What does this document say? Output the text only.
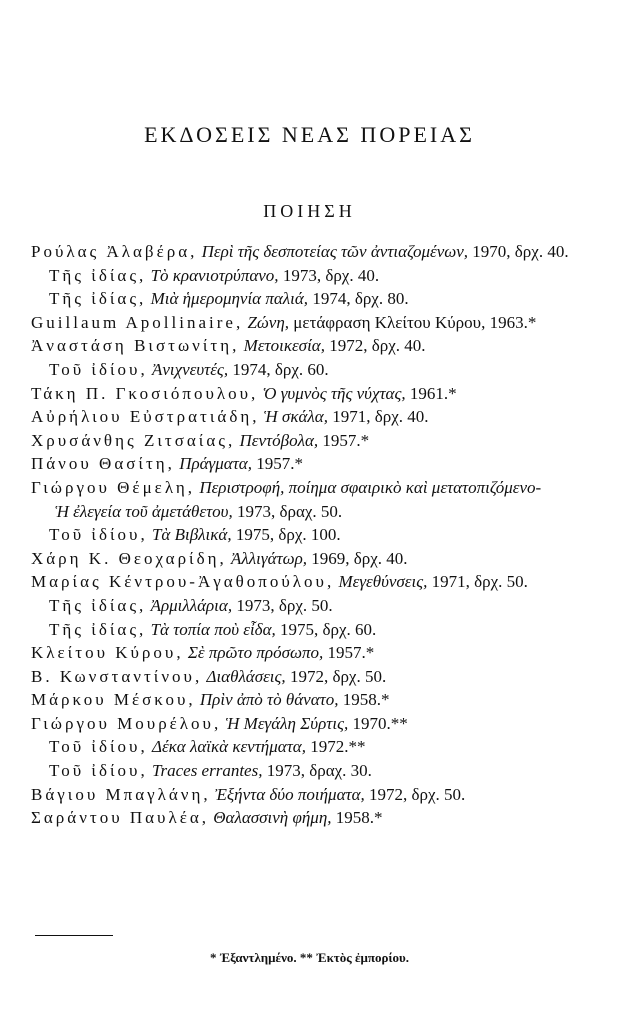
ΕΚΔΟΣΕΙΣ ΝΕΑΣ ΠΟΡΕΙΑΣ
ΠΟΙΗΣΗ

Ρούλας Ἀλαβέρα, Περὶ τῆς δεσποτείας τῶν ἀντιαζομένων, 1970, δρχ. 40.

Τῆς ἰδίας, Τὸ κρανιοτρύπανο, 1973, δρχ. 40.

Τῆς ἰδίας, Μιὰ ἡμερομηνία παλιά, 1974, δρχ. 80.

Guillaum Apollinaire, Ζώνη, μετάφραση Κλείτου Κύρου, 1963.*

Ἀναστάση Βιστωνίτη, Μετοικεσία, 1972, δρχ. 40.

Τοῦ ἰδίου, Ἀνιχνευτές, 1974, δρχ. 60.

Τάκη Π. Γκοσιόπουλου, Ὁ γυμνὸς τῆς νύχτας, 1961.*

Αὐρήλιου Εὐστρατιάδη, Ἡ σκάλα, 1971, δρχ. 40.

Χρυσάνθης Ζιτσαίας, Πεντόβολα, 1957.*

Πάνου Θασίτη, Πράγματα, 1957.*

Γιώργου Θέμελη, Περιστροφή, ποίημα σφαιρικὸ καὶ μετατοπιζόμενο-

Ἡ ἐλεγεία τοῦ ἀμετάθετου, 1973, δραχ. 50.

Τοῦ ἰδίου, Τὰ Βιβλικά, 1975, δρχ. 100.

Χάρη Κ. Θεοχαρίδη, Ἀλλιγάτωρ, 1969, δρχ. 40.

Μαρίας Κέντρου-Ἀγαθοπούλου, Μεγεθύνσεις, 1971, δρχ. 50.

Τῆς ἰδίας, Ἀρμιλλάρια, 1973, δρχ. 50.

Τῆς ἰδίας, Τὰ τοπία ποὺ εἶδα, 1975, δρχ. 60.

Κλείτου Κύρου, Σὲ πρῶτο πρόσωπο, 1957.*

Β. Κωνσταντίνου, Διαθλάσεις, 1972, δρχ. 50.

Μάρκου Μέσκου, Πρὶν ἀπὸ τὸ θάνατο, 1958.*

Γιώργου Μουρέλου, Ἡ Μεγάλη Σύρτις, 1970.**

Τοῦ ἰδίου, Δέκα λαϊκὰ κεντήματα, 1972.**

Τοῦ ἰδίου, Traces errantes, 1973, δραχ. 30.

Βάγιου Μπαγλάνη, Ἐξήντα δύο ποιήματα, 1972, δρχ. 50.

Σαράντου Παυλέα, Θαλασσινὴ φήμη, 1958.*

* Ἐξαντλημένο. ** Ἐκτὸς ἐμπορίου.
